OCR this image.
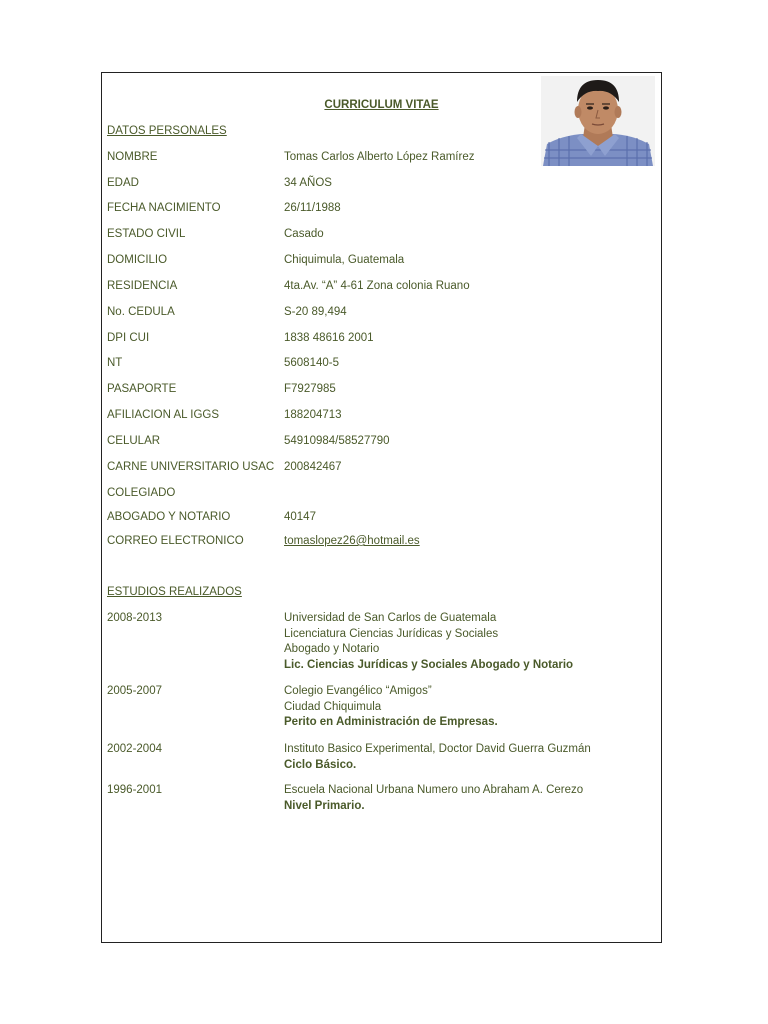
CURRICULUM VITAE
DATOS PERSONALES
NOMBRE	Tomas Carlos Alberto López Ramírez
EDAD	34 AÑOS
FECHA NACIMIENTO	26/11/1988
ESTADO CIVIL	Casado
DOMICILIO	Chiquimula, Guatemala
RESIDENCIA	4ta.Av. “A” 4-61 Zona colonia Ruano
No. CEDULA	S-20 89,494
DPI CUI	1838 48616 2001
NT	5608140-5
PASAPORTE	F7927985
AFILIACION AL IGGS	188204713
CELULAR	54910984/58527790
CARNE UNIVERSITARIO USAC 200842467
COLEGIADO
ABOGADO Y NOTARIO	40147
CORREO ELECTRONICO	tomaslopez26@hotmail.es
ESTUDIOS REALIZADOS
2008-2013	Universidad de San Carlos de Guatemala
Licenciatura Ciencias Jurídicas y Sociales
Abogado y Notario
Lic. Ciencias Jurídicas y Sociales Abogado y Notario
2005-2007	Colegio Evangélico “Amigos”
Ciudad Chiquimula
Perito en Administración de Empresas.
2002-2004	Instituto Basico Experimental, Doctor David Guerra Guzmán
Ciclo Básico.
1996-2001	Escuela Nacional Urbana Numero uno Abraham A. Cerezo
Nivel Primario.
